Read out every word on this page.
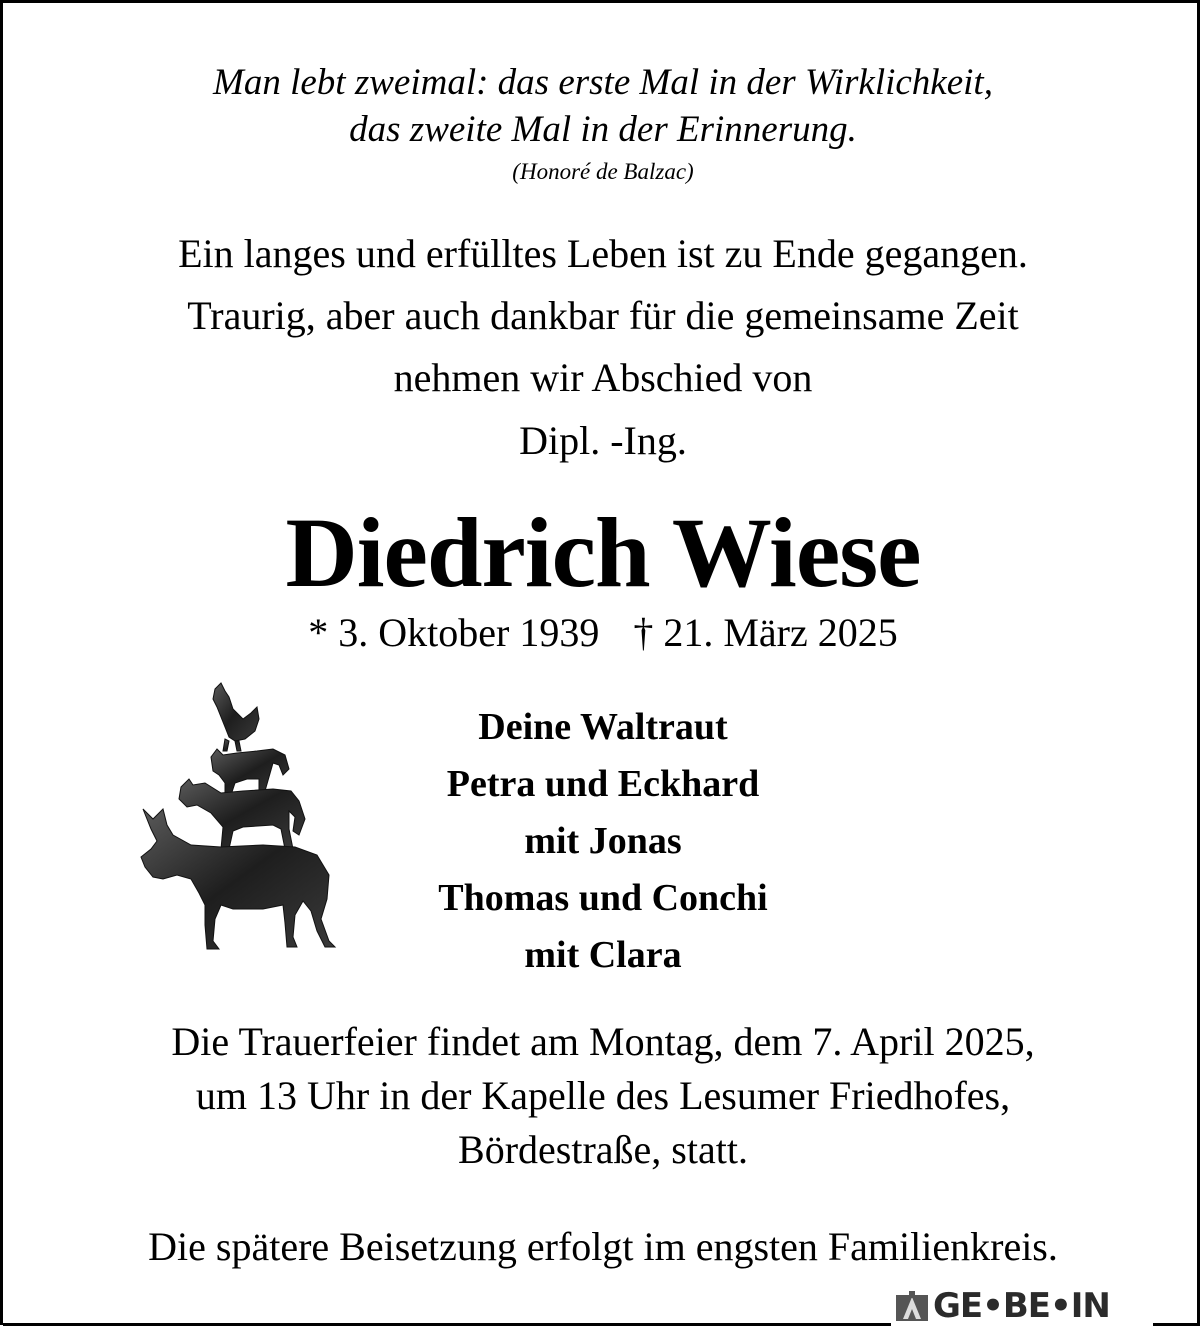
Man lebt zweimal: das erste Mal in der Wirklichkeit,
das zweite Mal in der Erinnerung.
(Honoré de Balzac)
Ein langes und erfülltes Leben ist zu Ende gegangen.
Traurig, aber auch dankbar für die gemeinsame Zeit
nehmen wir Abschied von
Dipl. -Ing.
Diedrich Wiese
* 3. Oktober 1939 † 21. März 2025
Deine Waltraut
Petra und Eckhard
mit Jonas
Thomas und Conchi
mit Clara
Die Trauerfeier findet am Montag, dem 7. April 2025,
um 13 Uhr in der Kapelle des Lesumer Friedhofes,
Bördestraße, statt.
Die spätere Beisetzung erfolgt im engsten Familienkreis.
GE•BE•IN
